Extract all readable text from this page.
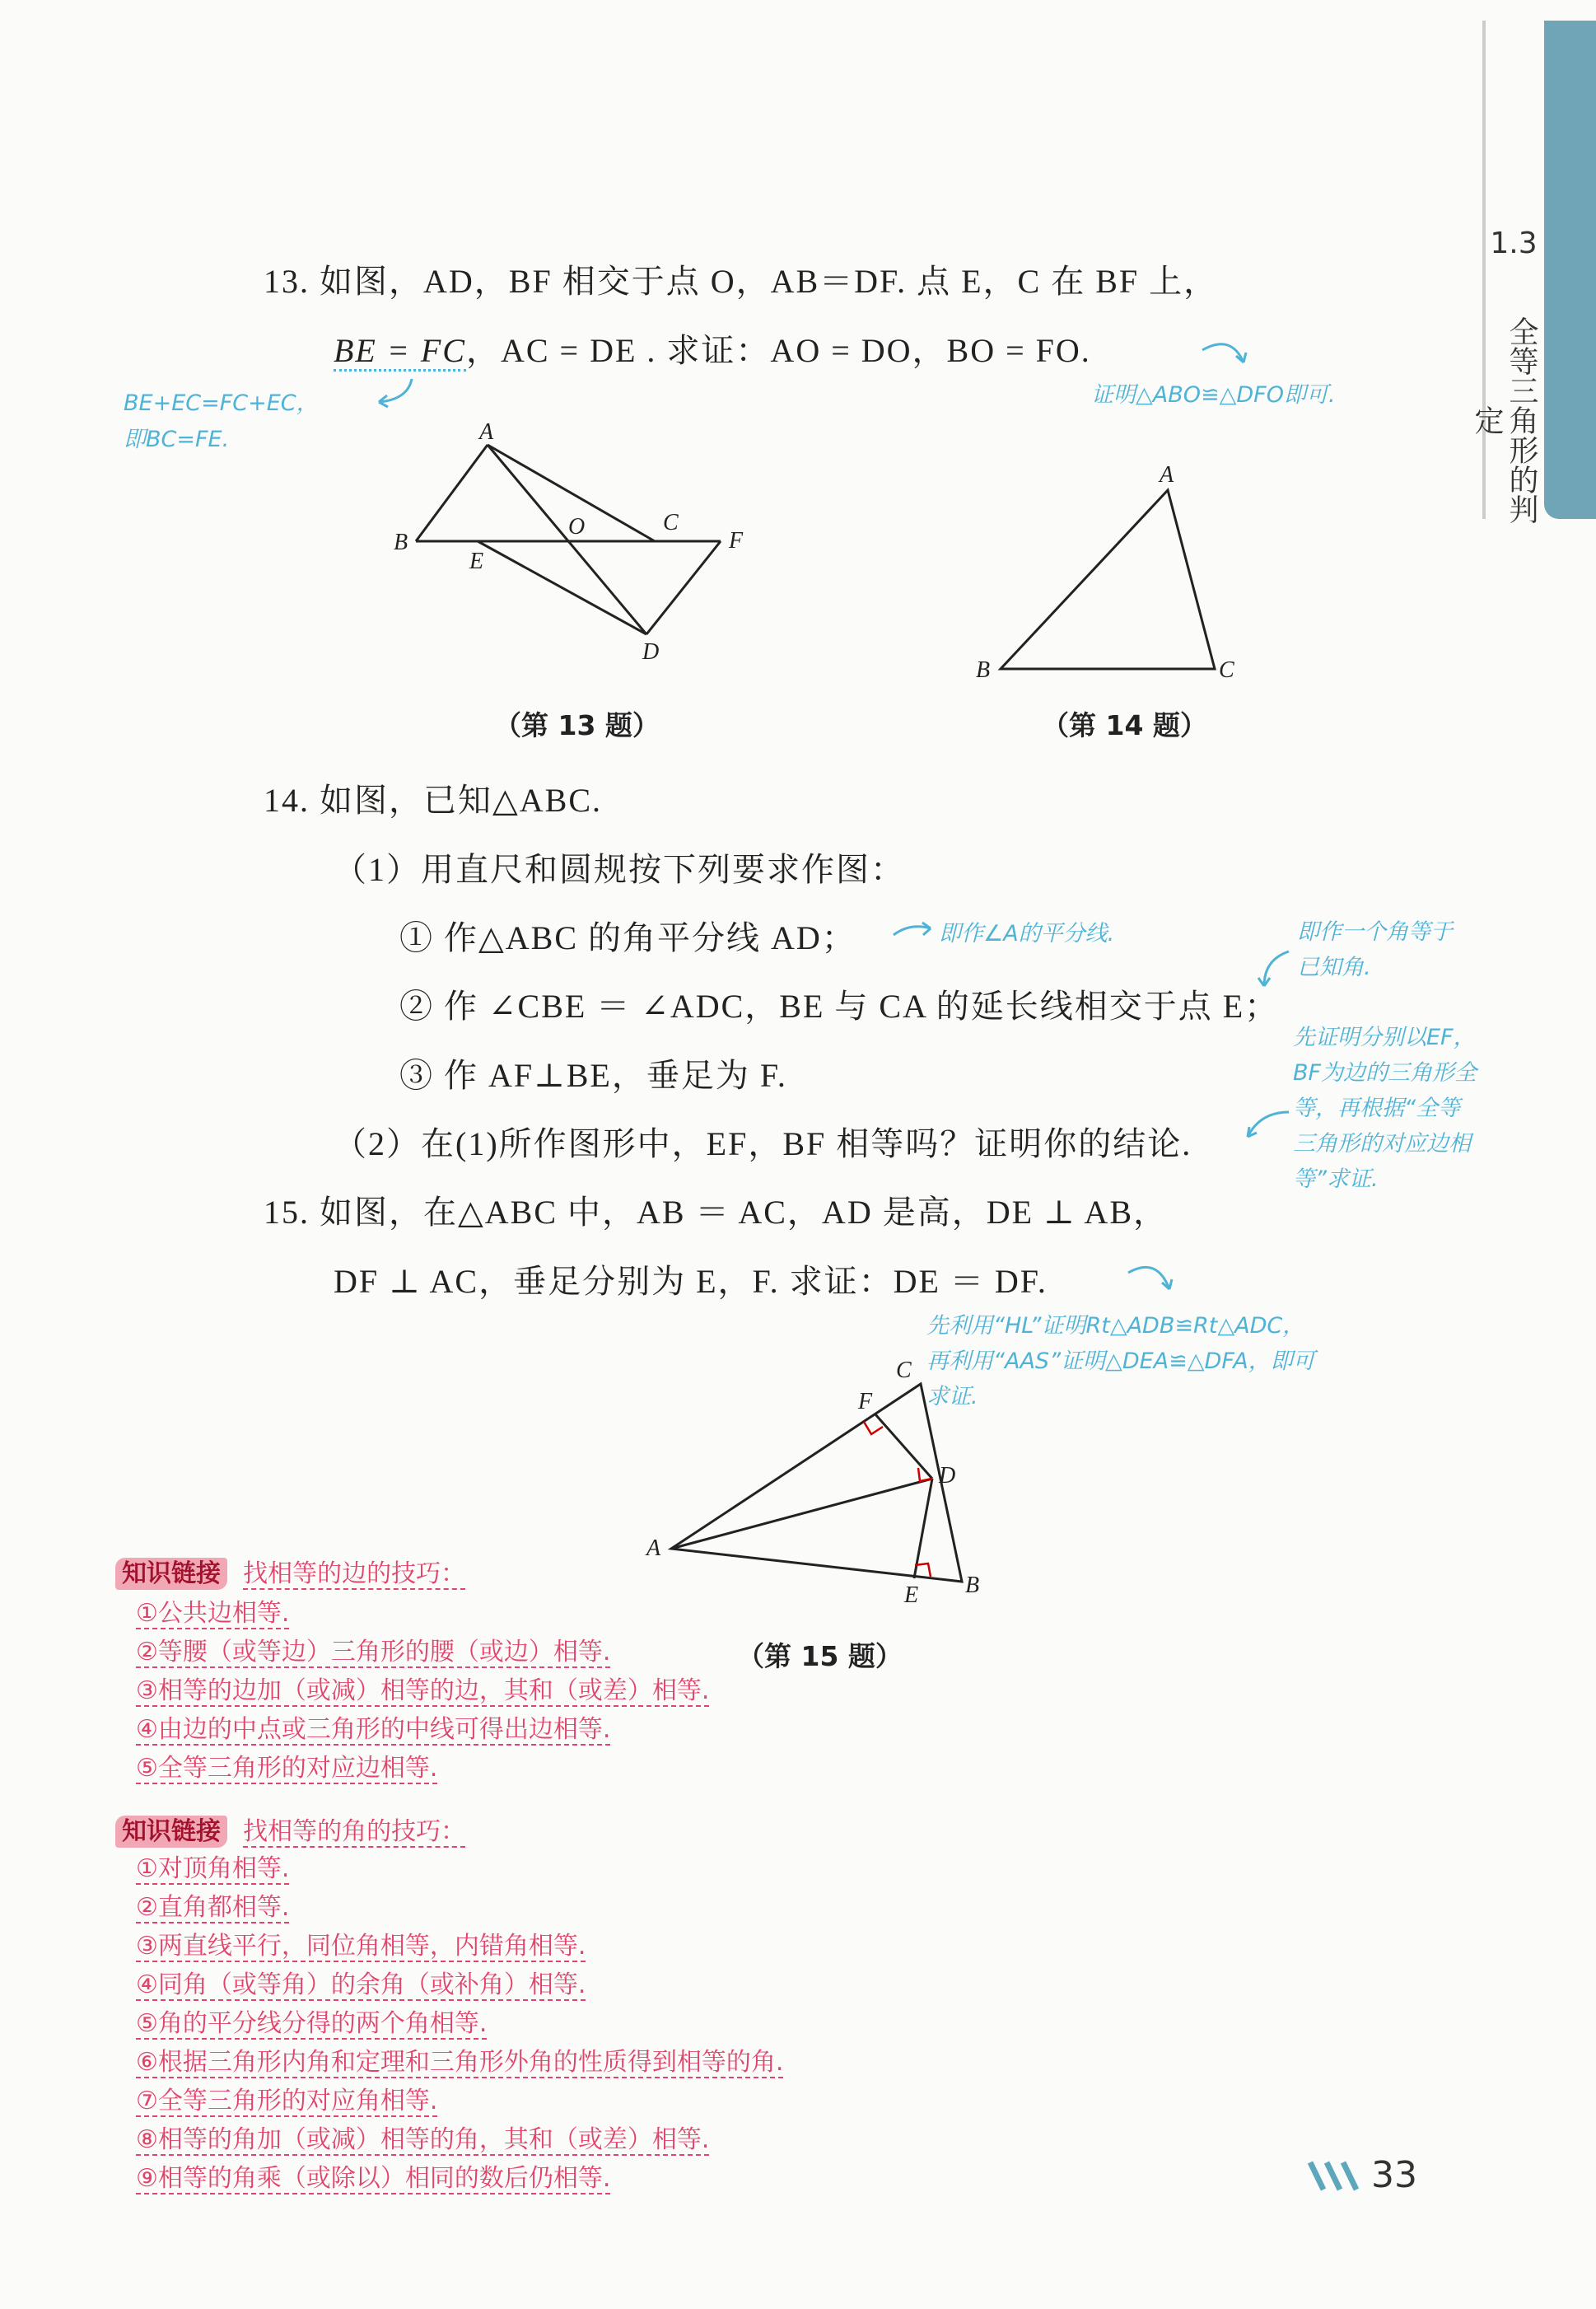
1.3
全等三角形的判定
13. 如图，AD，BF 相交于点 O，AB＝DF. 点 E，C 在 BF 上，
BE = FC，AC = DE . 求证：AO = DO，BO = FO.
BE+EC=FC+EC，
即BC=FE.
证明△ABO≌△DFO即可.
A
B
E
O	C
F
D
（第 13 题）
A
B	C
（第 14 题）
14. 如图，已知△ABC.
（1）用直尺和圆规按下列要求作图：
① 作△ABC 的角平分线 AD；
② 作 ∠CBE ＝ ∠ADC，BE 与 CA 的延长线相交于点 E；
③ 作 AF⊥BE，垂足为 F.
（2）在(1)所作图形中，EF，BF 相等吗？证明你的结论.
即作∠A的平分线.	即作一个角等于
已知角.
先证明分别以EF，
BF为边的三角形全
等，再根据“全等
三角形的对应边相
等”求证.
15. 如图，在△ABC 中，AB ＝ AC，AD 是高，DE ⊥ AB，
DF ⊥ AC，垂足分别为 E，F. 求证：DE ＝ DF.
先利用“HL”证明Rt△ADB≌Rt△ADC，
再利用“AAS”证明△DEA≌△DFA，即可
求证.
A
C
F
D
E B
（第 15 题）
知识链接 找相等的边的技巧：
①公共边相等.
②等腰（或等边）三角形的腰（或边）相等.
③相等的边加（或减）相等的边，其和（或差）相等.
④由边的中点或三角形的中线可得出边相等.
⑤全等三角形的对应边相等.
知识链接 找相等的角的技巧：
①对顶角相等.
②直角都相等.
③两直线平行，同位角相等，内错角相等.
④同角（或等角）的余角（或补角）相等.
⑤角的平分线分得的两个角相等.
⑥根据三角形内角和定理和三角形外角的性质得到相等的角.
⑦全等三角形的对应角相等.
⑧相等的角加（或减）相等的角，其和（或差）相等.
⑨相等的角乘（或除以）相同的数后仍相等.	33
